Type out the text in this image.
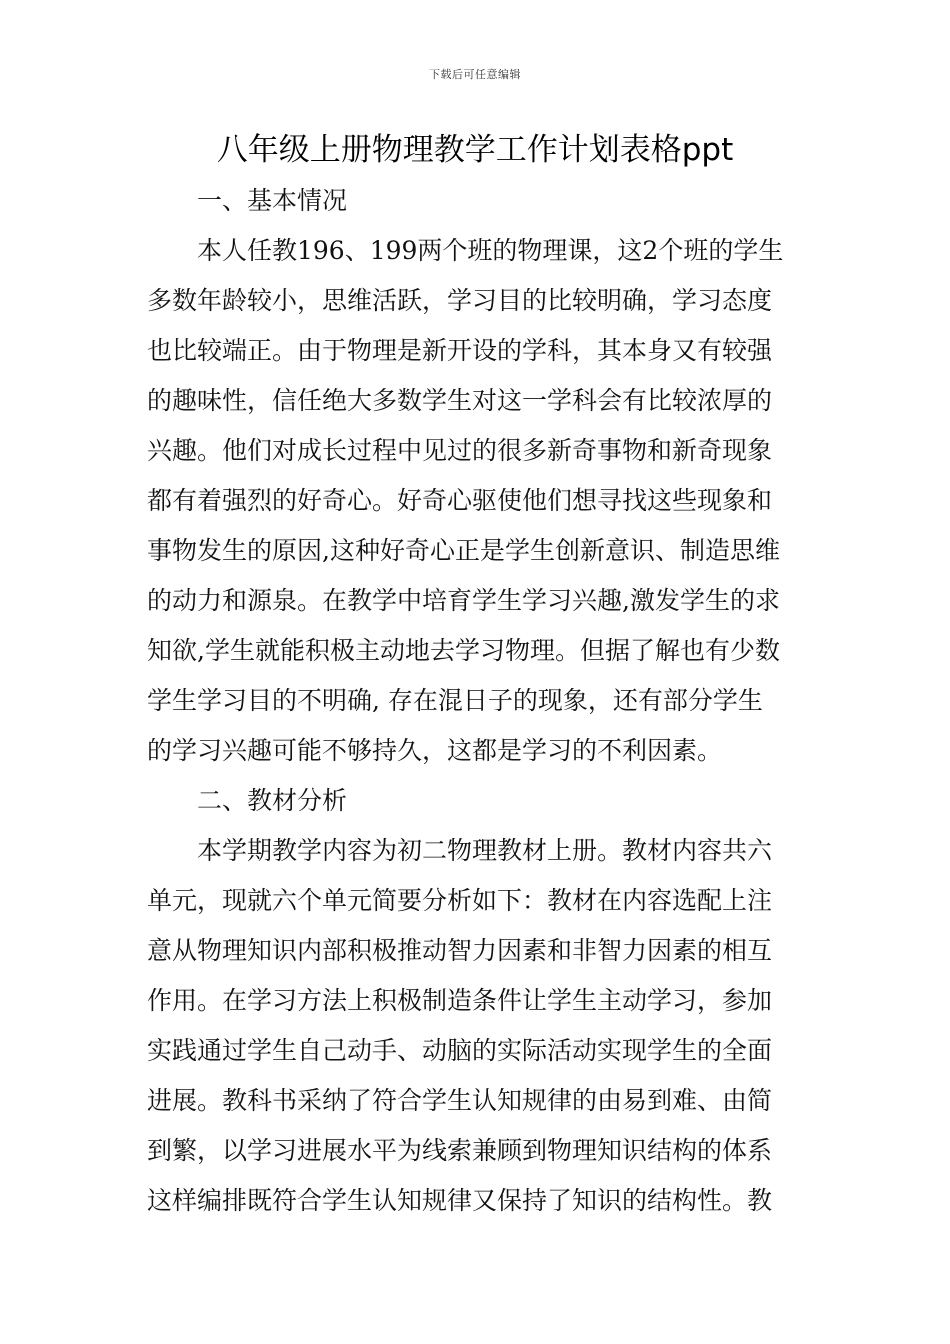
下载后可任意编辑
八年级上册物理教学工作计划表格ppt

一、基本情况

本人任教196、199两个班的物理课，这2个班的学生

多数年龄较小，思维活跃，学习目的比较明确，学习态度

也比较端正。由于物理是新开设的学科，其本身又有较强

的趣味性，信任绝大多数学生对这一学科会有比较浓厚的

兴趣。他们对成长过程中见过的很多新奇事物和新奇现象

都有着强烈的好奇心。好奇心驱使他们想寻找这些现象和

事物发生的原因,这种好奇心正是学生创新意识、制造思维

的动力和源泉。在教学中培育学生学习兴趣,激发学生的求

知欲,学生就能积极主动地去学习物理。但据了解也有少数

学生学习目的不明确, 存在混日子的现象，还有部分学生

的学习兴趣可能不够持久，这都是学习的不利因素。

二、教材分析

本学期教学内容为初二物理教材上册。教材内容共六

单元，现就六个单元简要分析如下：教材在内容选配上注

意从物理知识内部积极推动智力因素和非智力因素的相互

作用。在学习方法上积极制造条件让学生主动学习，参加

实践通过学生自己动手、动脑的实际活动实现学生的全面

进展。教科书采纳了符合学生认知规律的由易到难、由简

到繁，以学习进展水平为线索兼顾到物理知识结构的体系

这样编排既符合学生认知规律又保持了知识的结构性。教
